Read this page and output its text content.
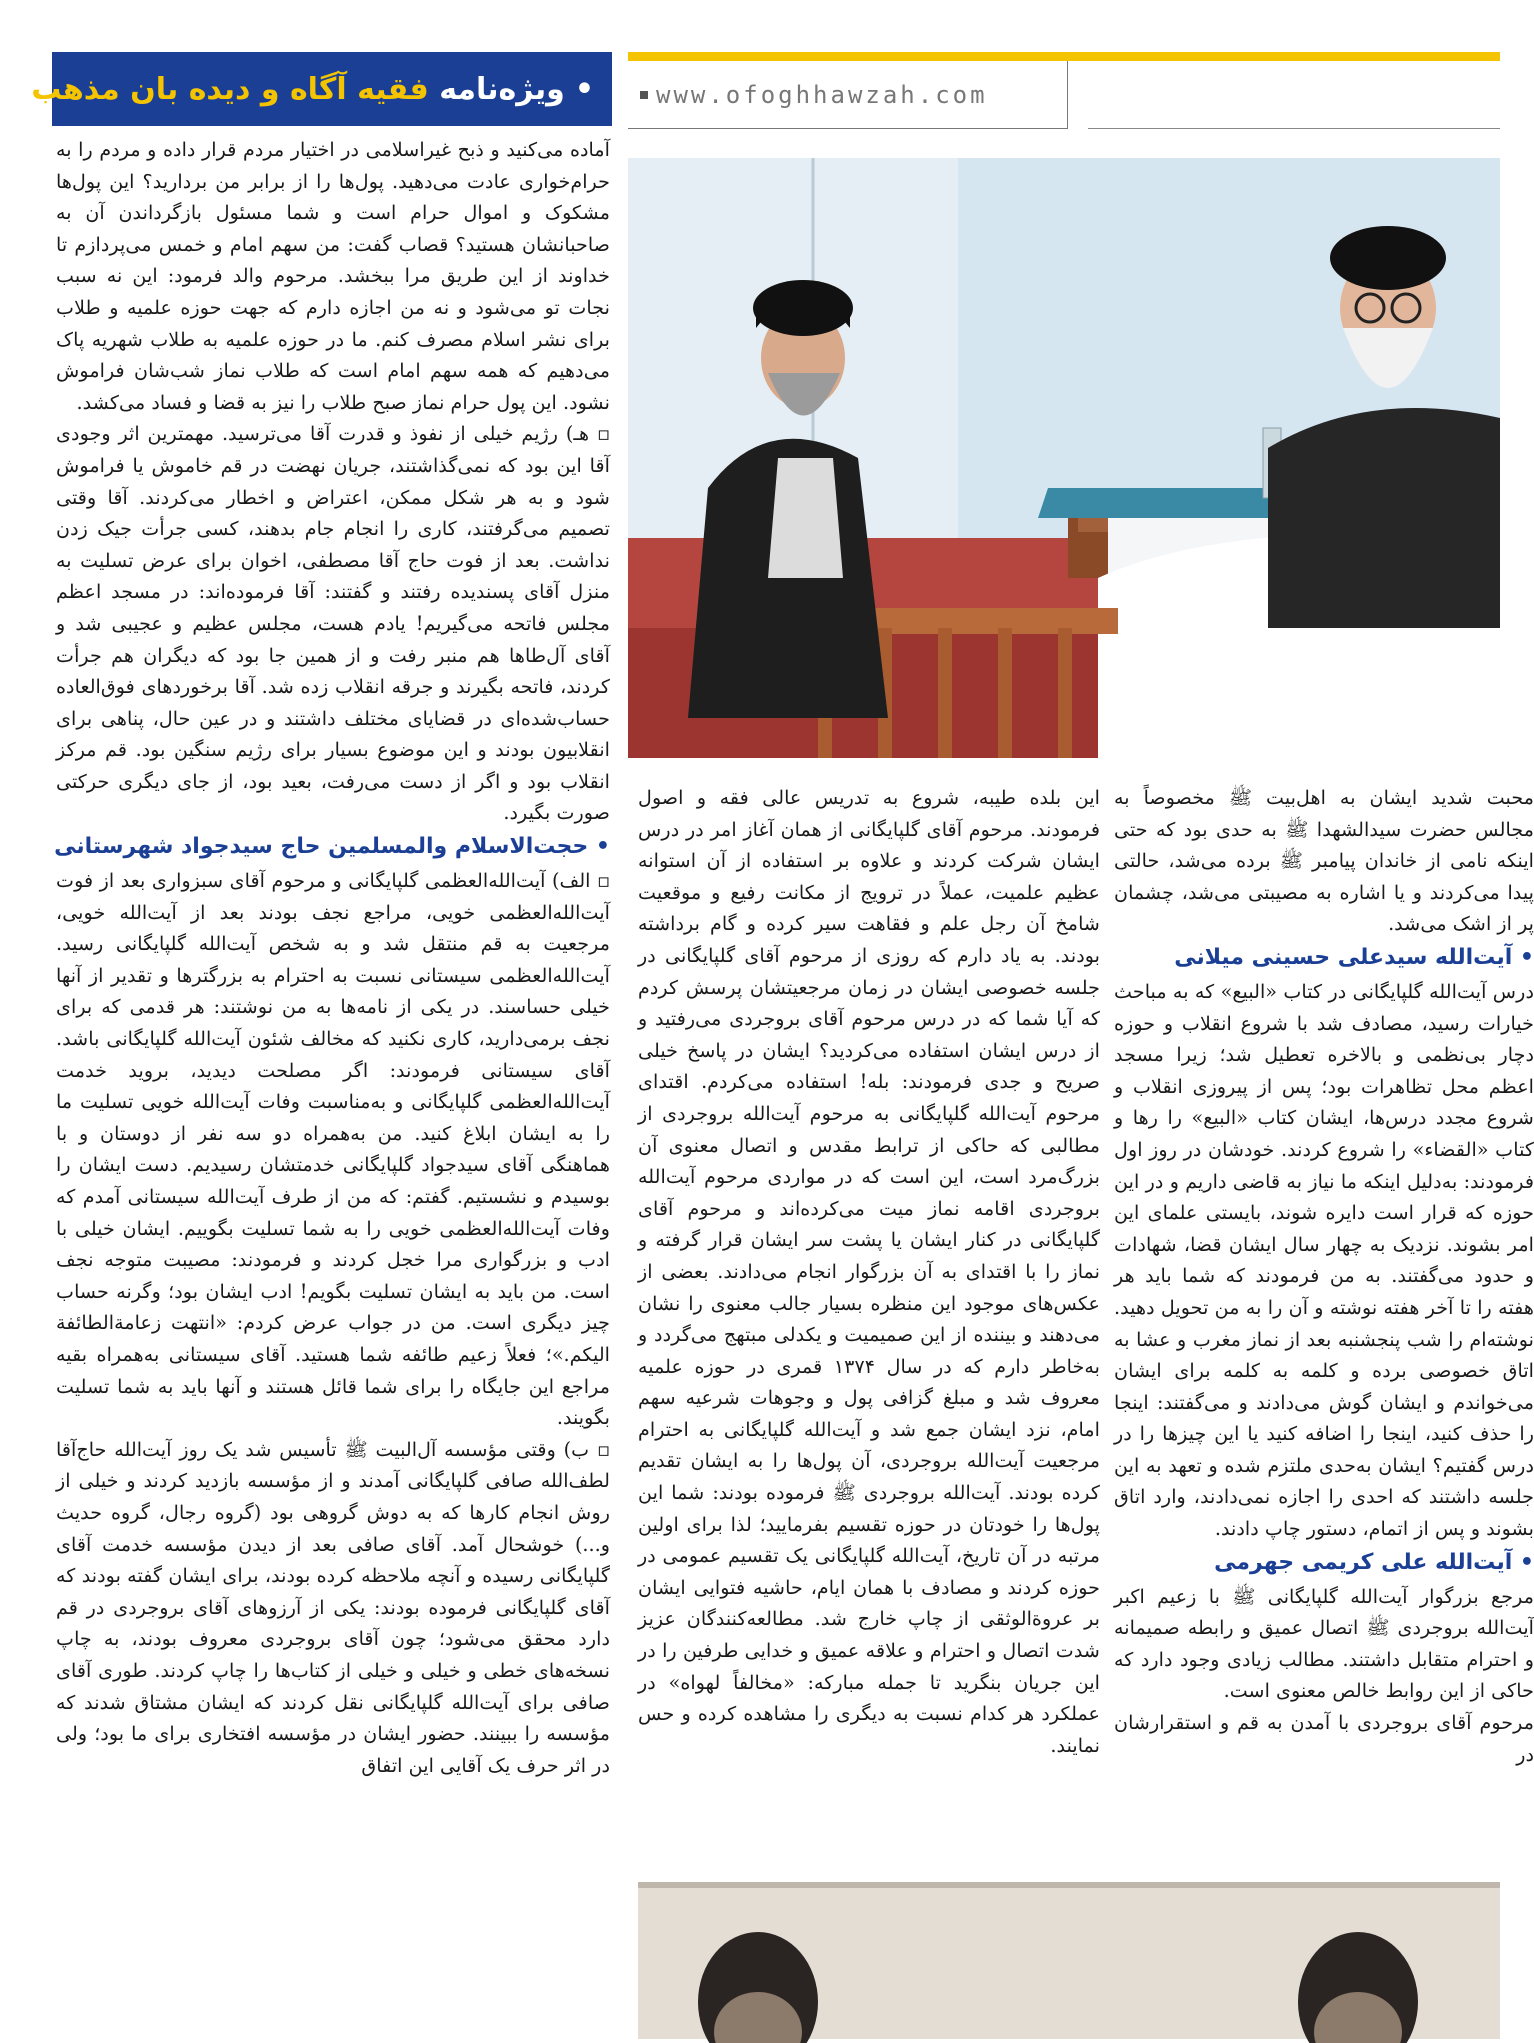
•
ویژه‌نامه

فقیه آگاه و دیده بان مذهب	www.ofoghhawzah.com

آماده می‌کنید و ذبح غیراسلامی در اختیار مردم قرار داده و مردم را به حرام‌خواری عادت می‌دهید. پول‌ها را از برابر من بردارید؟ این پول‌ها مشکوک و اموال حرام است و شما مسئول بازگرداندن آن به صاحبانشان هستید؟ قصاب گفت: من سهم امام و خمس می‌پردازم تا خداوند از این طریق مرا ببخشد. مرحوم والد فرمود: این نه سبب نجات تو می‌شود و نه من اجازه دارم که جهت حوزه علمیه و طلاب برای نشر اسلام مصرف کنم. ما در حوزه علمیه به طلاب شهریه پاک می‌دهیم که همه سهم امام است که طلاب نماز شب‌شان فراموش نشود. این پول حرام نماز صبح طلاب را نیز به قضا و فساد می‌کشد.

▫ هـ) رژیم خیلی از نفوذ و قدرت آقا می‌ترسید. مهمترین اثر وجودی آقا این بود که نمی‌گذاشتند، جریان نهضت در قم خاموش یا فراموش شود و به هر شکل ممکن، اعتراض و اخطار می‌کردند. آقا وقتی تصمیم می‌گرفتند، کاری را انجام جام بدهند، کسی جرأت جیک زدن نداشت. بعد از فوت حاج آقا مصطفی، اخوان برای عرض تسلیت به منزل آقای پسندیده رفتند و گفتند: آقا فرموده‌اند: در مسجد اعظم مجلس فاتحه می‌گیریم! یادم هست، مجلس عظیم و عجیبی شد و آقای آل‌طاها هم منبر رفت و از همین جا بود که دیگران هم جرأت کردند، فاتحه بگیرند و جرقه انقلاب زده شد. آقا برخوردهای فوق‌العاده حساب‌شده‌ای در قضایای مختلف داشتند و در عین حال، پناهی برای انقلابیون بودند و این موضوع بسیار برای رژیم سنگین بود. قم مرکز انقلاب بود و اگر از دست می‌رفت، بعید بود، از جای دیگری حرکتی صورت بگیرد.

• حجت‌الاسلام والمسلمین حاج سیدجواد شهرستانی

▫ الف) آیت‌الله‌العظمی گلپایگانی و مرحوم آقای سبزواری بعد از فوت آیت‌الله‌العظمی خویی، مراجع نجف بودند بعد از آیت‌الله خویی، مرجعیت به قم منتقل شد و به شخص آیت‌الله گلپایگانی رسید. آیت‌الله‌العظمی سیستانی نسبت به احترام به بزرگترها و تقدیر از آنها خیلی حساسند. در یکی از نامه‌ها به من نوشتند: هر قدمی که برای نجف برمی‌دارید، کاری نکنید که مخالف شئون آیت‌الله گلپایگانی باشد. آقای سیستانی فرمودند: اگر مصلحت دیدید، بروید خدمت آیت‌الله‌العظمی گلپایگانی و به‌مناسبت وفات آیت‌الله خویی تسلیت ما را به ایشان ابلاغ کنید. من به‌همراه دو سه نفر از دوستان و با هماهنگی آقای سیدجواد گلپایگانی خدمتشان رسیدیم. دست ایشان را بوسیدم و نشستیم. گفتم: که من از طرف آیت‌الله سیستانی آمدم که وفات آیت‌الله‌العظمی خویی را به شما تسلیت بگوییم. ایشان خیلی با ادب و بزرگواری مرا خجل کردند و فرمودند: مصیبت متوجه نجف است. من باید به ایشان تسلیت بگویم! ادب ایشان بود؛ وگرنه حساب چیز دیگری است. من در جواب عرض کردم: «انتهت زعامة‌الطائفة الیکم.»؛ فعلاً زعیم طائفه شما هستید. آقای سیستانی به‌همراه بقیه مراجع این جایگاه را برای شما قائل هستند و آنها باید به شما تسلیت بگویند.

▫ ب) وقتی مؤسسه آل‌البیت ﷺ تأسیس شد یک روز آیت‌الله حاج‌آقا لطف‌الله صافی گلپایگانی آمدند و از مؤسسه بازدید کردند و خیلی از روش انجام کارها که به دوش گروهی بود (گروه رجال، گروه حدیث و...) خوشحال آمد. آقای صافی بعد از دیدن مؤسسه خدمت آقای گلپایگانی رسیده و آنچه ملاحظه کرده بودند، برای ایشان گفته بودند که آقای گلپایگانی فرموده بودند: یکی از آرزوهای آقای بروجردی در قم دارد محقق می‌شود؛ چون آقای بروجردی معروف بودند، به چاپ نسخه‌های خطی و خیلی و خیلی از کتاب‌ها را چاپ کردند. طوری آقای صافی برای آیت‌الله گلپایگانی نقل کردند که ایشان مشتاق شدند که مؤسسه را ببینند. حضور ایشان در مؤسسه افتخاری برای ما بود؛ ولی در اثر حرف یک آقایی این اتفاق

این بلده طیبه، شروع به تدریس عالی فقه و اصول فرمودند. مرحوم آقای گلپایگانی از همان آغاز امر در درس ایشان شرکت کردند و علاوه بر استفاده از آن استوانه عظیم علمیت، عملاً در ترویج از مکانت رفیع و موقعیت شامخ آن رجل علم و فقاهت سیر کرده و گام برداشته بودند. به یاد دارم که روزی از مرحوم آقای گلپایگانی در جلسه خصوصی ایشان در زمان مرجعیتشان پرسش کردم که آیا شما که در درس مرحوم آقای بروجردی می‌رفتید و از درس ایشان استفاده می‌کردید؟ ایشان در پاسخ خیلی صریح و جدی فرمودند: بله! استفاده می‌کردم. اقتدای مرحوم آیت‌الله گلپایگانی به مرحوم آیت‌الله بروجردی از مطالبی که حاکی از ترابط مقدس و اتصال معنوی آن بزرگ‌مرد است، این است که در مواردی مرحوم آیت‌الله بروجردی اقامه نماز میت می‌کرده‌اند و مرحوم آقای گلپایگانی در کنار ایشان یا پشت سر ایشان قرار گرفته و نماز را با اقتدای به آن بزرگوار انجام می‌دادند. بعضی از عکس‌های موجود این منظره بسیار جالب معنوی را نشان می‌دهند و بیننده از این صمیمیت و یکدلی مبتهج می‌گردد و به‌خاطر دارم که در سال ۱۳۷۴ قمری در حوزه علمیه معروف شد و مبلغ گزافی پول و وجوهات شرعیه سهم امام، نزد ایشان جمع شد و آیت‌الله گلپایگانی به احترام مرجعیت آیت‌الله بروجردی، آن پول‌ها را به ایشان تقدیم کرده بودند. آیت‌الله بروجردی ﷺ فرموده بودند: شما این پول‌ها را خودتان در حوزه تقسیم بفرمایید؛ لذا برای اولین مرتبه در آن تاریخ، آیت‌الله گلپایگانی یک تقسیم عمومی در حوزه کردند و مصادف با همان ایام، حاشیه فتوایی ایشان بر عروة‌الوثقی از چاپ خارج شد. مطالعه‌کنندگان عزیز شدت اتصال و احترام و علاقه عمیق و خدایی طرفین را در این جریان بنگرید تا جمله مبارکه: «مخالفاً لهواه» در عملکرد هر کدام نسبت به دیگری را مشاهده کرده و حس نمایند.

محبت شدید ایشان به اهل‌بیت ﷺ مخصوصاً به مجالس حضرت سیدالشهدا ﷺ به حدی بود که حتی اینکه نامی از خاندان پیامبر ﷺ برده می‌شد، حالتی پیدا می‌کردند و یا اشاره به مصیبتی می‌شد، چشمان پر از اشک می‌شد.

• آیت‌الله سیدعلی حسینی میلانی

درس آیت‌الله گلپایگانی در کتاب «البیع» که به مباحث خیارات رسید، مصادف شد با شروع انقلاب و حوزه دچار بی‌نظمی و بالاخره تعطیل شد؛ زیرا مسجد اعظم محل تظاهرات بود؛ پس از پیروزی انقلاب و شروع مجدد درس‌ها، ایشان کتاب «البیع» را رها و کتاب «القضاء» را شروع کردند. خودشان در روز اول فرمودند: به‌دلیل اینکه ما نیاز به قاضی داریم و در این حوزه که قرار است دایره شوند، بایستی علمای این امر بشوند. نزدیک به چهار سال ایشان قضا، شهادات و حدود می‌گفتند. به من فرمودند که شما باید هر هفته را تا آخر هفته نوشته و آن را به من تحویل دهید. نوشته‌ام را شب پنجشنبه بعد از نماز مغرب و عشا به اتاق خصوصی برده و کلمه به کلمه برای ایشان می‌خواندم و ایشان گوش می‌دادند و می‌گفتند: اینجا را حذف کنید، اینجا را اضافه کنید یا این چیزها را در درس گفتیم؟ ایشان به‌حدی ملتزم شده و تعهد به این جلسه داشتند که احدی را اجازه نمی‌دادند، وارد اتاق بشوند و پس از اتمام، دستور چاپ دادند.

• آیت‌الله علی کریمی جهرمی

مرجع بزرگوار آیت‌الله گلپایگانی ﷺ با زعیم اکبر آیت‌الله بروجردی ﷺ اتصال عمیق و رابطه صمیمانه و احترام متقابل داشتند. مطالب زیادی وجود دارد که حاکی از این روابط خالص معنوی است.

مرحوم آقای بروجردی با آمدن به قم و استقرارشان در
